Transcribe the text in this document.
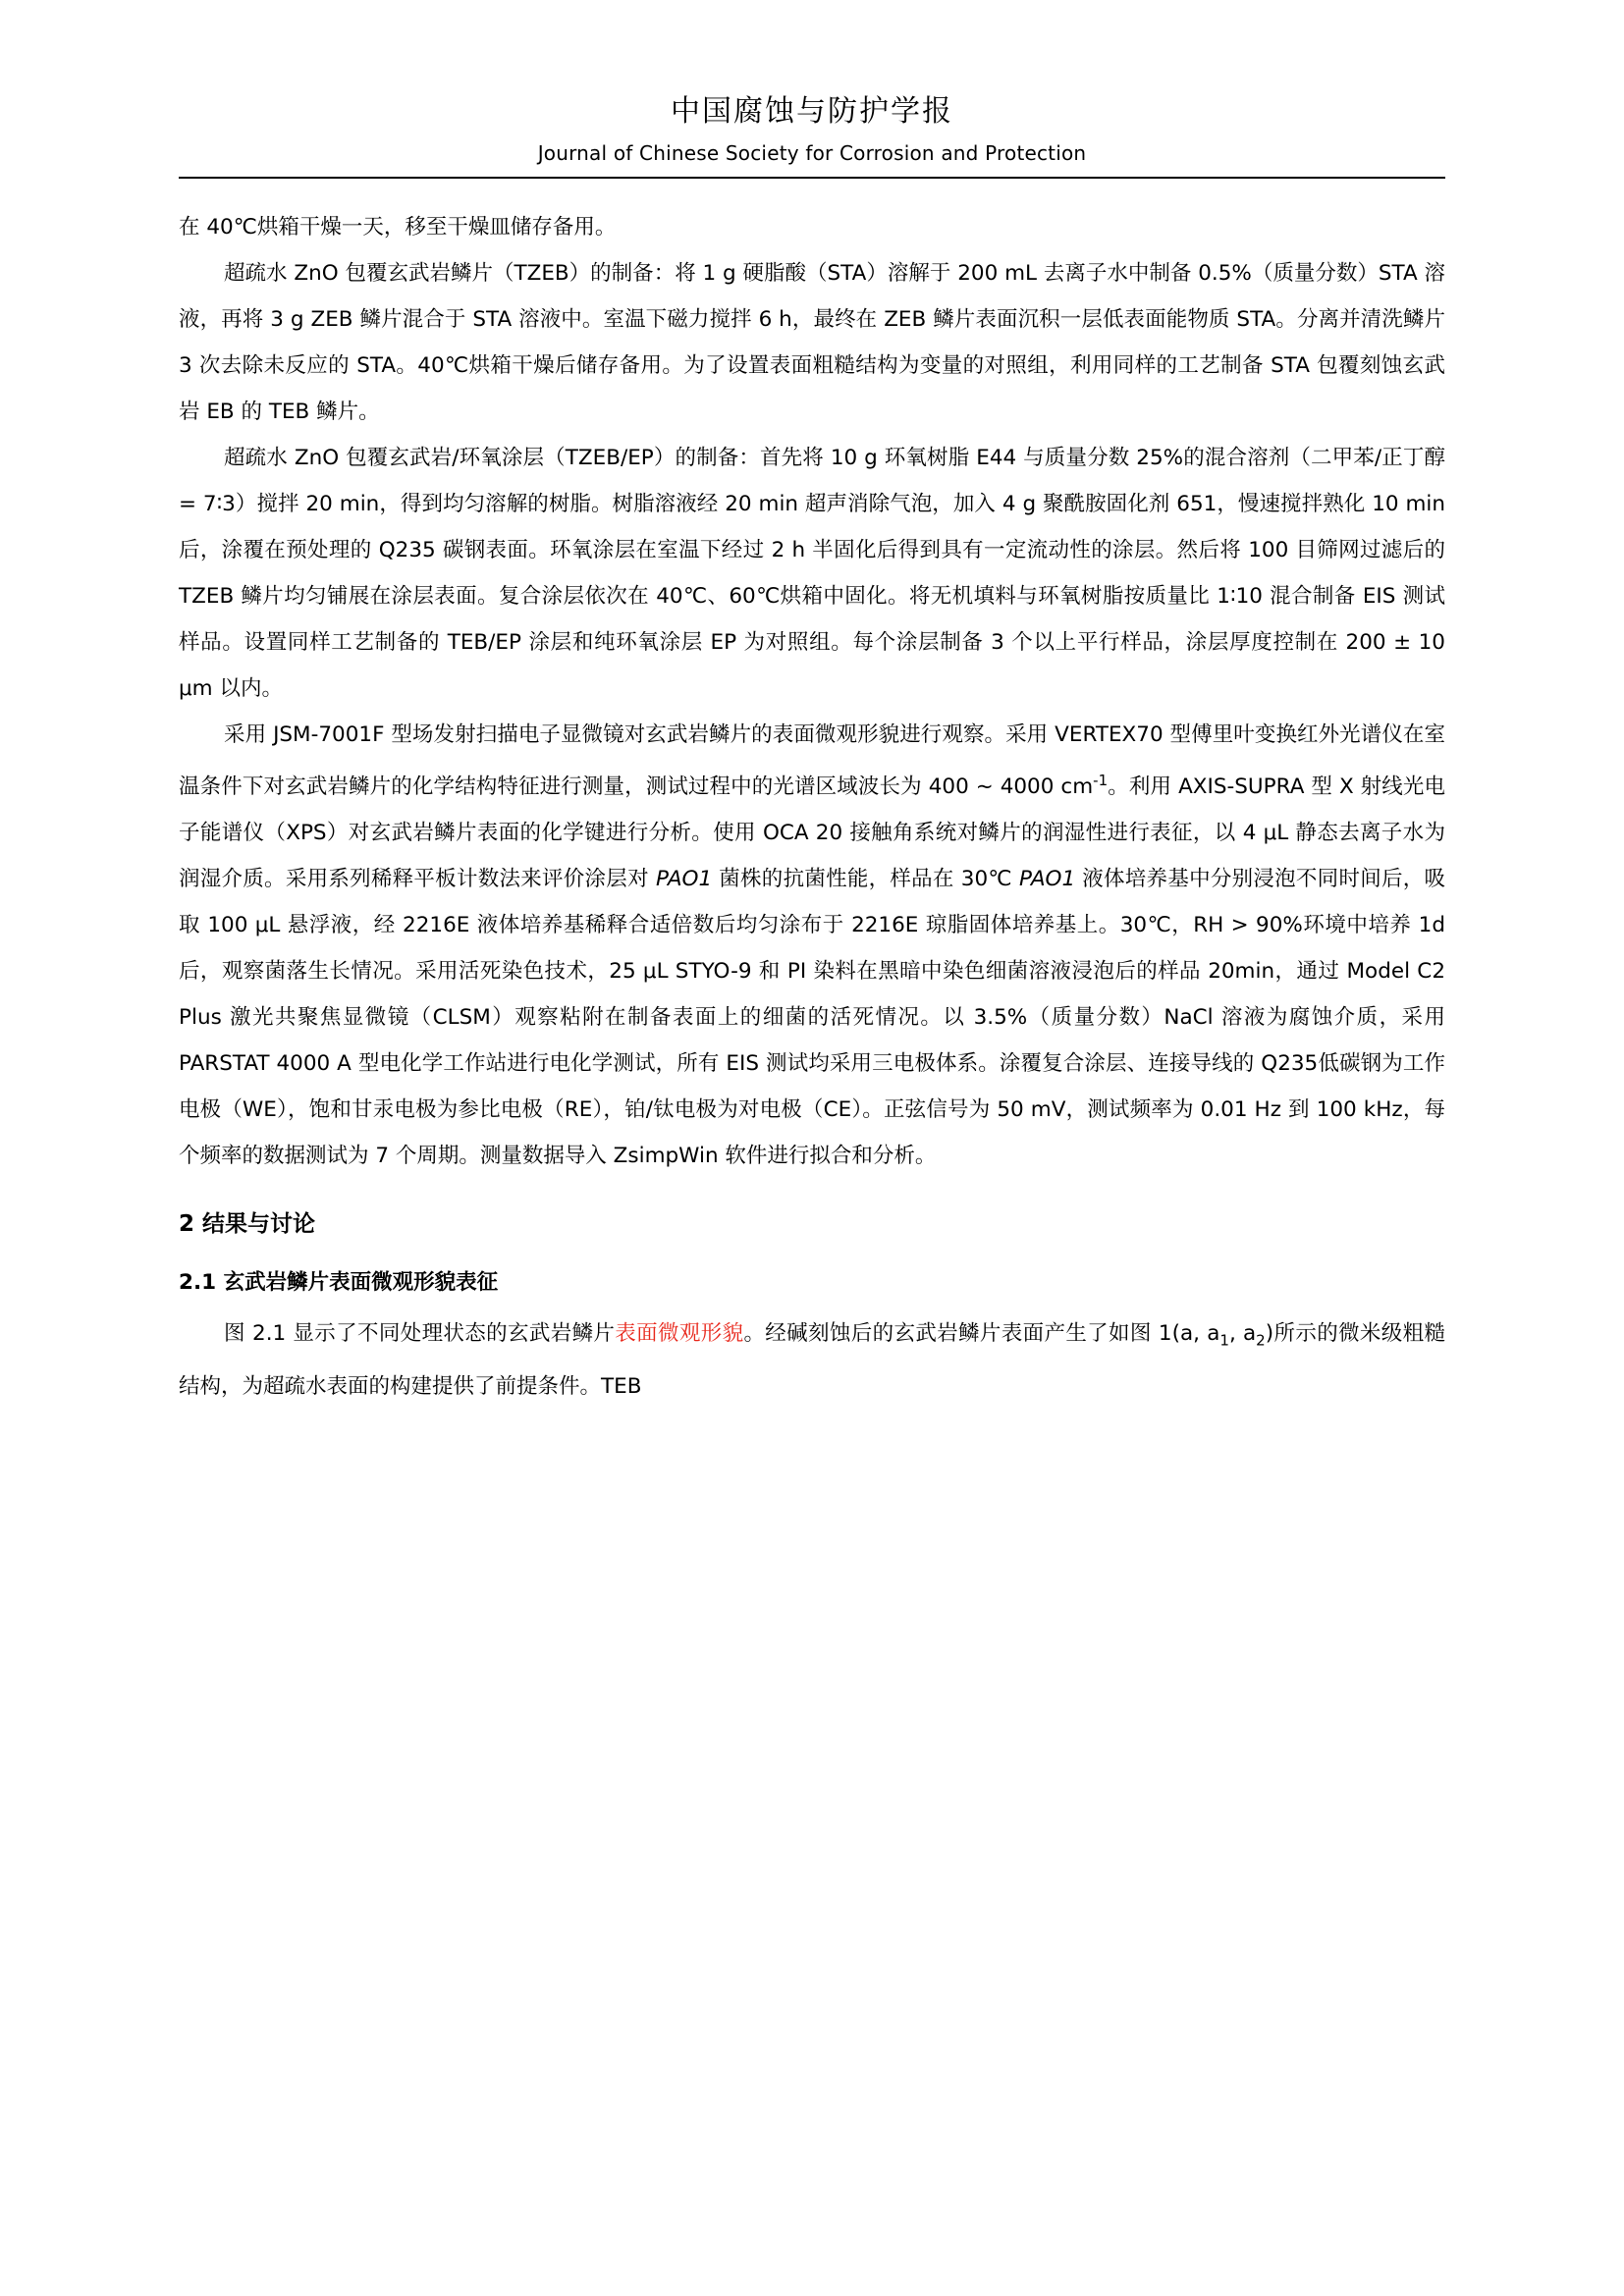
中国腐蚀与防护学报
Journal of Chinese Society for Corrosion and Protection

在 40℃烘箱干燥一天，移至干燥皿储存备用。

超疏水 ZnO 包覆玄武岩鳞片（TZEB）的制备：将 1 g 硬脂酸（STA）溶解于 200 mL 去离子水中制备 0.5%（质量分数）STA 溶液，再将 3 g ZEB 鳞片混合于 STA 溶液中。室温下磁力搅拌 6 h，最终在 ZEB 鳞片表面沉积一层低表面能物质 STA。分离并清洗鳞片 3 次去除未反应的 STA。40℃烘箱干燥后储存备用。为了设置表面粗糙结构为变量的对照组，利用同样的工艺制备 STA 包覆刻蚀玄武岩 EB 的 TEB 鳞片。

超疏水 ZnO 包覆玄武岩/环氧涂层（TZEB/EP）的制备：首先将 10 g 环氧树脂 E44 与质量分数 25%的混合溶剂（二甲苯/正丁醇 = 7∶3）搅拌 20 min，得到均匀溶解的树脂。树脂溶液经 20 min 超声消除气泡，加入 4 g 聚酰胺固化剂 651，慢速搅拌熟化 10 min 后，涂覆在预处理的 Q235 碳钢表面。环氧涂层在室温下经过 2 h 半固化后得到具有一定流动性的涂层。然后将 100 目筛网过滤后的 TZEB 鳞片均匀铺展在涂层表面。复合涂层依次在 40℃、60℃烘箱中固化。将无机填料与环氧树脂按质量比 1∶10 混合制备 EIS 测试样品。设置同样工艺制备的 TEB/EP 涂层和纯环氧涂层 EP 为对照组。每个涂层制备 3 个以上平行样品，涂层厚度控制在 200 ± 10 μm 以内。

采用 JSM-7001F 型场发射扫描电子显微镜对玄武岩鳞片的表面微观形貌进行观察。采用 VERTEX70 型傅里叶变换红外光谱仪在室温条件下对玄武岩鳞片的化学结构特征进行测量，测试过程中的光谱区域波长为 400 ~ 4000 $cm^{-1}$。利用 AXIS-SUPRA 型 X 射线光电子能谱仪（XPS）对玄武岩鳞片表面的化学键进行分析。使用 OCA 20 接触角系统对鳞片的润湿性进行表征，以 4 μL 静态去离子水为润湿介质。采用系列稀释平板计数法来评价涂层对 PAO1 菌株的抗菌性能，样品在 30℃ PAO1 液体培养基中分别浸泡不同时间后，吸取 100 μL 悬浮液，经 2216E 液体培养基稀释合适倍数后均匀涂布于 2216E 琼脂固体培养基上。30℃，RH > 90%环境中培养 1d 后，观察菌落生长情况。采用活死染色技术，25 μL STYO-9 和 PI 染料在黑暗中染色细菌溶液浸泡后的样品 20min，通过 Model C2 Plus 激光共聚焦显微镜（CLSM）观察粘附在制备表面上的细菌的活死情况。以 3.5%（质量分数）NaCl 溶液为腐蚀介质，采用 PARSTAT 4000 A 型电化学工作站进行电化学测试，所有 EIS 测试均采用三电极体系。涂覆复合涂层、连接导线的 Q235低碳钢为工作电极（WE），饱和甘汞电极为参比电极（RE），铂/钛电极为对电极（CE）。正弦信号为 50 mV，测试频率为 0.01 Hz 到 100 kHz，每个频率的数据测试为 7 个周期。测量数据导入 ZsimpWin 软件进行拟合和分析。

2 结果与讨论
2.1 玄武岩鳞片表面微观形貌表征

图 2.1 显示了不同处理状态的玄武岩鳞片表面微观形貌。经碱刻蚀后的玄武岩鳞片表面产生了如图 1(a, $a_1$, $a_2$)所示的微米级粗糙结构，为超疏水表面的构建提供了前提条件。TEB
